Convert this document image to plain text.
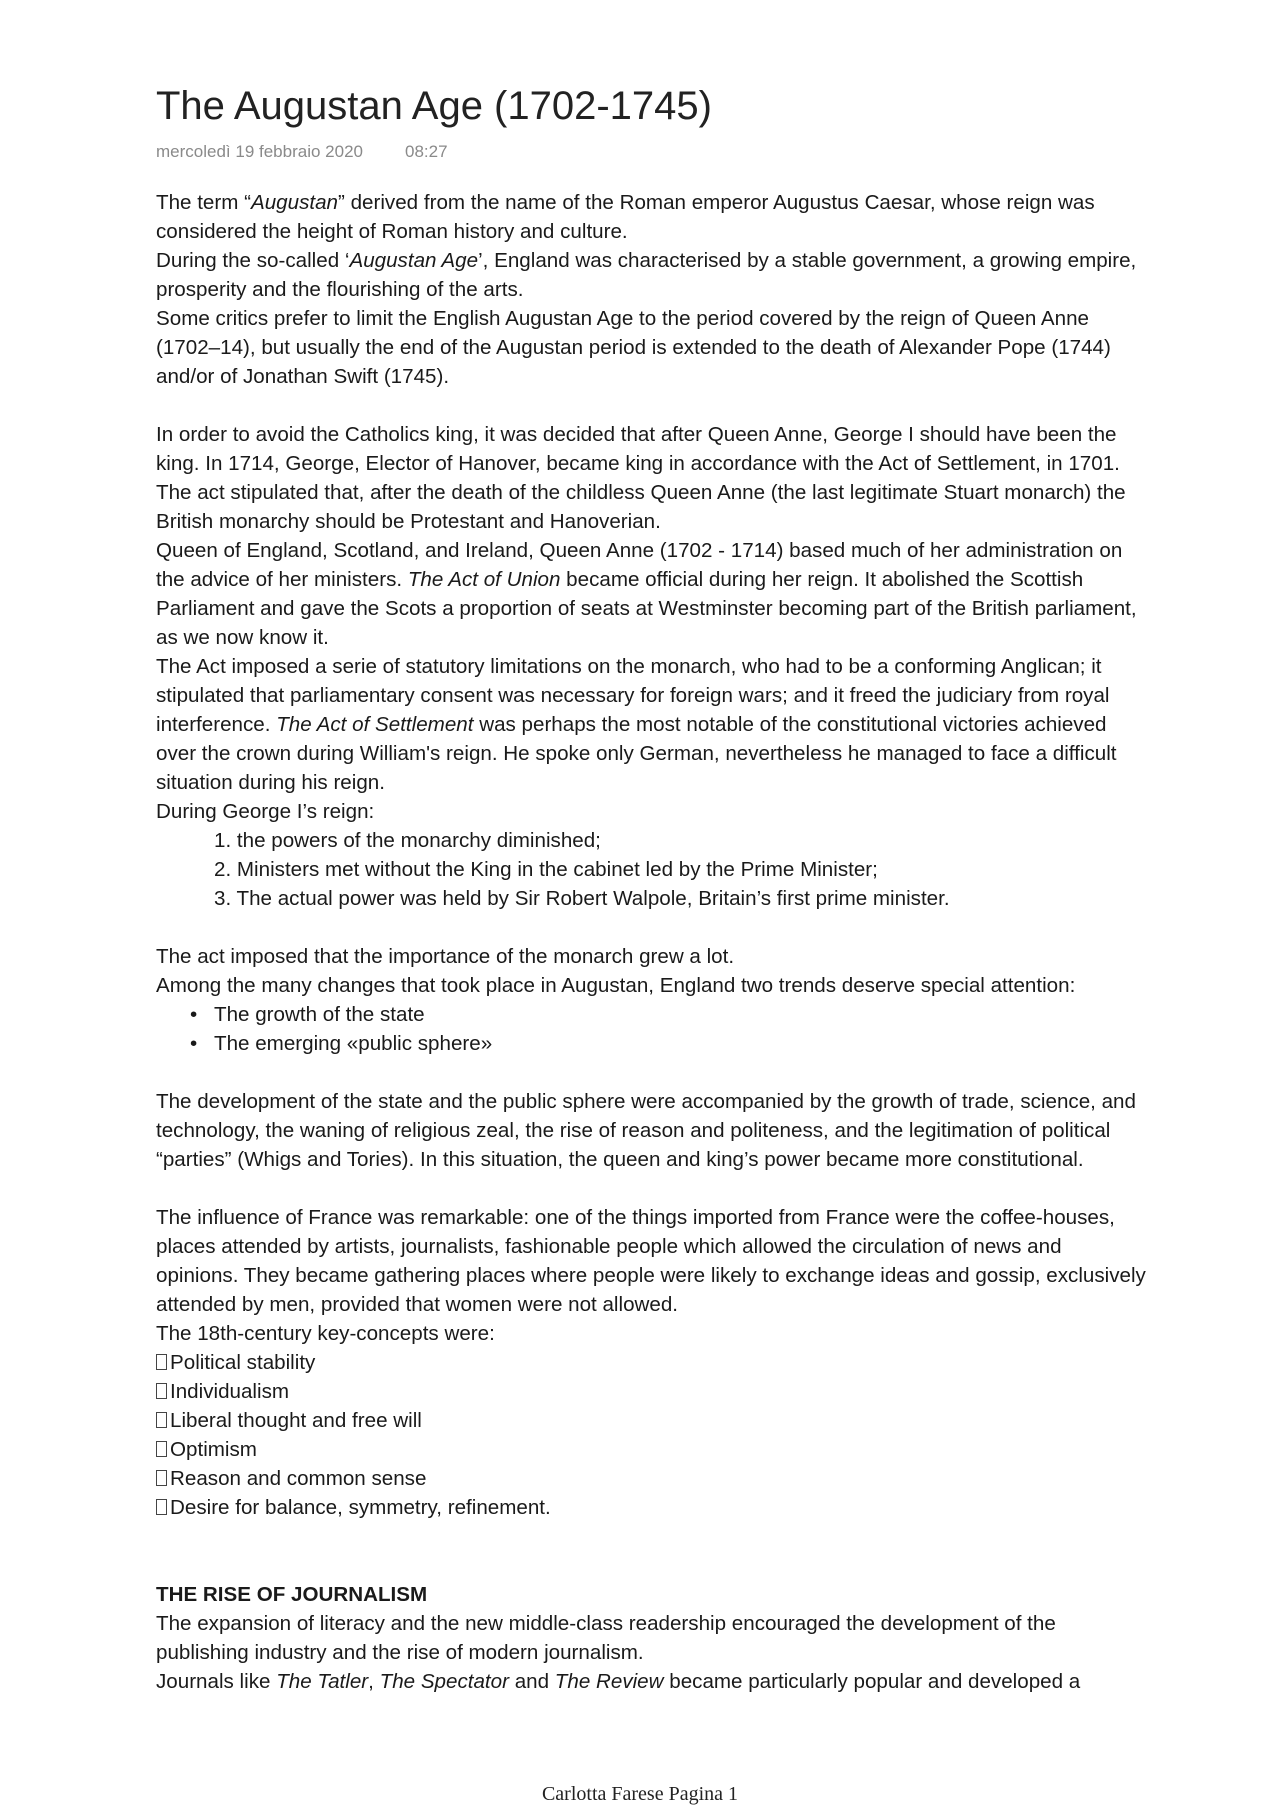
The Augustan Age (1702-1745)
mercoledì 19 febbraio 2020 08:27

The term “Augustan” derived from the name of the Roman emperor Augustus Caesar, whose reign was considered the height of Roman history and culture.

During the so-called ‘Augustan Age’, England was characterised by a stable government, a growing empire, prosperity and the flourishing of the arts.

Some critics prefer to limit the English Augustan Age to the period covered by the reign of Queen Anne (1702–14), but usually the end of the Augustan period is extended to the death of Alexander Pope (1744) and/or of Jonathan Swift (1745).

In order to avoid the Catholics king, it was decided that after Queen Anne, George I should have been the king. In 1714, George, Elector of Hanover, became king in accordance with the Act of Settlement, in 1701. The act stipulated that, after the death of the childless Queen Anne (the last legitimate Stuart monarch) the British monarchy should be Protestant and Hanoverian.

Queen of England, Scotland, and Ireland, Queen Anne (1702 - 1714) based much of her administration on the advice of her ministers. The Act of Union became official during her reign. It abolished the Scottish Parliament and gave the Scots a proportion of seats at Westminster becoming part of the British parliament, as we now know it.

The Act imposed a serie of statutory limitations on the monarch, who had to be a conforming Anglican; it stipulated that parliamentary consent was necessary for foreign wars; and it freed the judiciary from royal interference. The Act of Settlement was perhaps the most notable of the constitutional victories achieved over the crown during William's reign. He spoke only German, nevertheless he managed to face a difficult situation during his reign.

During George I’s reign:

1. the powers of the monarchy diminished;
2. Ministers met without the King in the cabinet led by the Prime Minister;
3. The actual power was held by Sir Robert Walpole, Britain’s first prime minister.

The act imposed that the importance of the monarch grew a lot.

Among the many changes that took place in Augustan, England two trends deserve special attention:

• The growth of the state
• The emerging «public sphere»

The development of the state and the public sphere were accompanied by the growth of trade, science, and technology, the waning of religious zeal, the rise of reason and politeness, and the legitimation of political “parties” (Whigs and Tories). In this situation, the queen and king’s power became more constitutional.

The influence of France was remarkable: one of the things imported from France were the coffee-houses, places attended by artists, journalists, fashionable people which allowed the circulation of news and opinions. They became gathering places where people were likely to exchange ideas and gossip, exclusively attended by men, provided that women were not allowed.

The 18th-century key-concepts were:

Political stability
Individualism
Liberal thought and free will
Optimism
Reason and common sense
Desire for balance, symmetry, refinement.

THE RISE OF JOURNALISM

The expansion of literacy and the new middle-class readership encouraged the development of the publishing industry and the rise of modern journalism.

Journals like The Tatler, The Spectator and The Review became particularly popular and developed a

Carlotta Farese Pagina 1
